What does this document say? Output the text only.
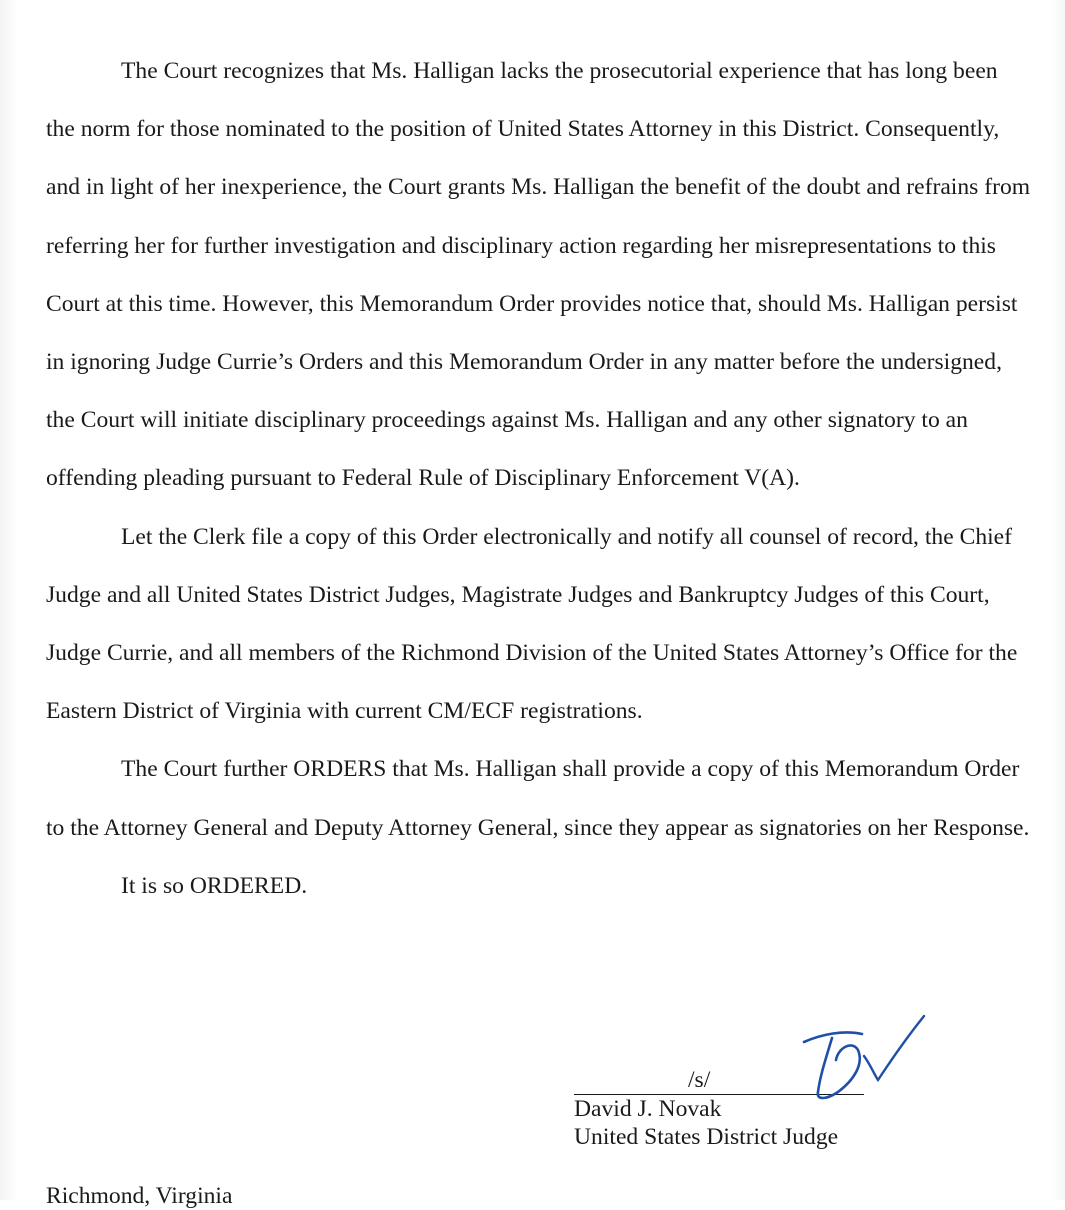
The Court recognizes that Ms. Halligan lacks the prosecutorial experience that has long been the norm for those nominated to the position of United States Attorney in this District. Consequently, and in light of her inexperience, the Court grants Ms. Halligan the benefit of the doubt and refrains from referring her for further investigation and disciplinary action regarding her misrepresentations to this Court at this time. However, this Memorandum Order provides notice that, should Ms. Halligan persist in ignoring Judge Currie’s Orders and this Memorandum Order in any matter before the undersigned, the Court will initiate disciplinary proceedings against Ms. Halligan and any other signatory to an offending pleading pursuant to Federal Rule of Disciplinary Enforcement V(A).

Let the Clerk file a copy of this Order electronically and notify all counsel of record, the Chief Judge and all United States District Judges, Magistrate Judges and Bankruptcy Judges of this Court, Judge Currie, and all members of the Richmond Division of the United States Attorney’s Office for the Eastern District of Virginia with current CM/ECF registrations.

The Court further ORDERS that Ms. Halligan shall provide a copy of this Memorandum Order to the Attorney General and Deputy Attorney General, since they appear as signatories on her Response.

It is so ORDERED.

/s/
David J. Novak
United States District Judge
Richmond, Virginia
